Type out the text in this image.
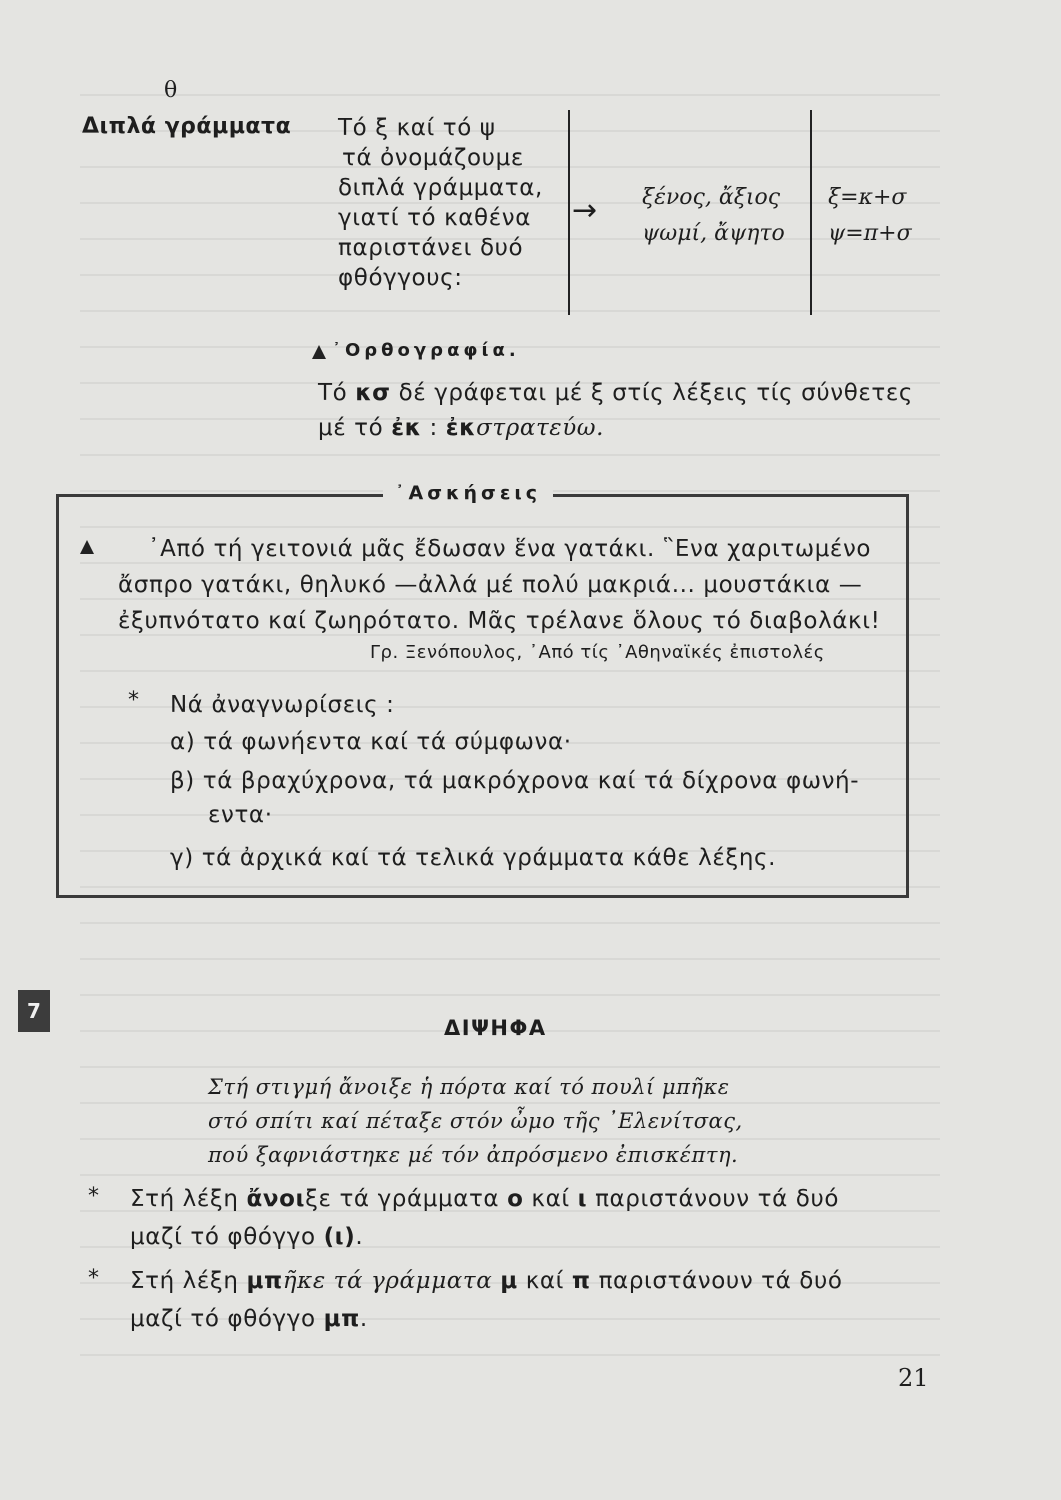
θ
Διπλά γράμματα Τό ξ καί τό ψ
τά ὀνομάζουμε
διπλά γράμματα,
γιατί τό καθένα
παριστάνει δυό
φθόγγους:
→ ξένος, ἄξιος
ψωμί, ἄψητο
ξ=κ+σ
ψ=π+σ
᾿Ορθογραφία.
Τό κσ δέ γράφεται μέ ξ στίς λέξεις τίς σύνθετες
μέ τό ἐκ : ἐκστρατεύω.
᾿Ασκήσεις
᾿Από τή γειτονιά μᾶς ἔδωσαν ἕνα γατάκι. ῝Ενα χαριτωμένο
ἄσπρο γατάκι, θηλυκό —ἀλλά μέ πολύ μακριά... μουστάκια —
ἐξυπνότατο καί ζωηρότατο. Μᾶς τρέλανε ὅλους τό διαβολάκι!
Γρ. Ξενόπουλος, ᾿Από τίς ᾿Αθηναϊκές ἐπιστολές
* Νά ἀναγνωρίσεις :
α) τά φωνήεντα καί τά σύμφωνα·
β) τά βραχύχρονα, τά μακρόχρονα καί τά δίχρονα φωνή-
εντα·
γ) τά ἀρχικά καί τά τελικά γράμματα κάθε λέξης.
7
ΔΙΨΗΦΑ
Στή στιγμή ἄνοιξε ἡ πόρτα καί τό πουλί μπῆκε
στό σπίτι καί πέταξε στόν ὦμο τῆς ᾿Ελενίτσας,
πού ξαφνιάστηκε μέ τόν ἀπρόσμενο ἐπισκέπτη.
* Στή λέξη ἄνοιξε τά γράμματα ο καί ι παριστάνουν τά δυό
μαζί τό φθόγγο (ι).
* Στή λέξη μπῆκε τά γράμματα μ καί π παριστάνουν τά δυό
μαζί τό φθόγγο μπ.
21
